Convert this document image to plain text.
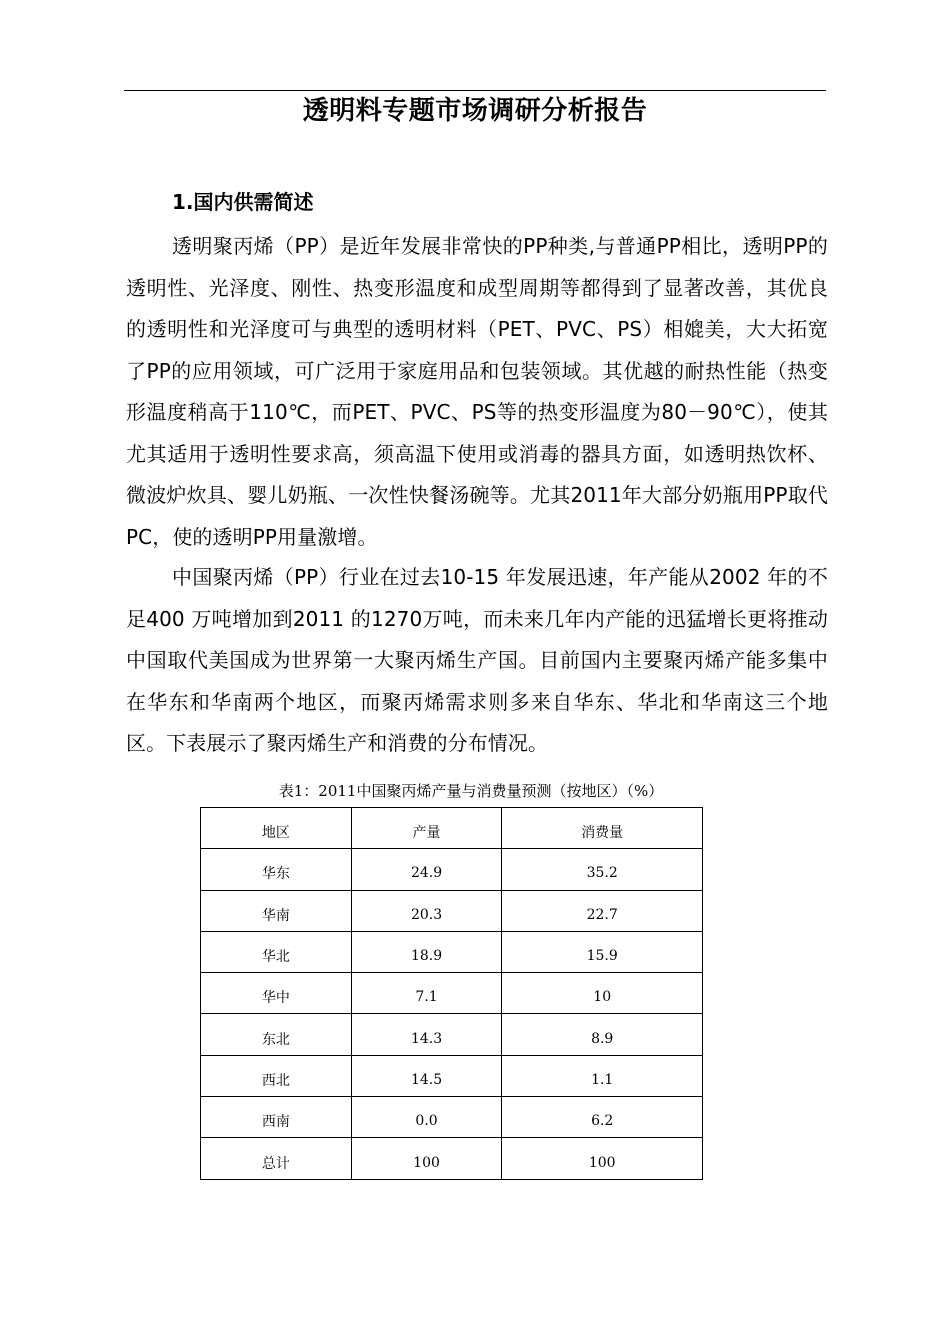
透明料专题市场调研分析报告
1.国内供需简述

透明聚丙烯（PP）是近年发展非常快的PP种类,与普通PP相比，透明PP的透明性、光泽度、刚性、热变形温度和成型周期等都得到了显著改善，其优良的透明性和光泽度可与典型的透明材料（PET、PVC、PS）相媲美，大大拓宽了PP的应用领域，可广泛用于家庭用品和包装领域。其优越的耐热性能（热变形温度稍高于110℃，而PET、PVC、PS等的热变形温度为80－90℃），使其尤其适用于透明性要求高，须高温下使用或消毒的器具方面，如透明热饮杯、微波炉炊具、婴儿奶瓶、一次性快餐汤碗等。尤其2011年大部分奶瓶用PP取代PC，使的透明PP用量激增。

中国聚丙烯（PP）行业在过去10-15 年发展迅速，年产能从2002 年的不足400 万吨增加到2011 的1270万吨，而未来几年内产能的迅猛增长更将推动中国取代美国成为世界第一大聚丙烯生产国。目前国内主要聚丙烯产能多集中在华东和华南两个地区，而聚丙烯需求则多来自华东、华北和华南这三个地区。下表展示了聚丙烯生产和消费的分布情况。

表1：2011中国聚丙烯产量与消费量预测（按地区）（%）
地区	产量	消费量
华东	24.9	35.2
华南	20.3	22.7
华北	18.9	15.9
华中	7.1	10
东北	14.3	8.9
西北	14.5	1.1
西南	0.0	6.2
总计	100	100
